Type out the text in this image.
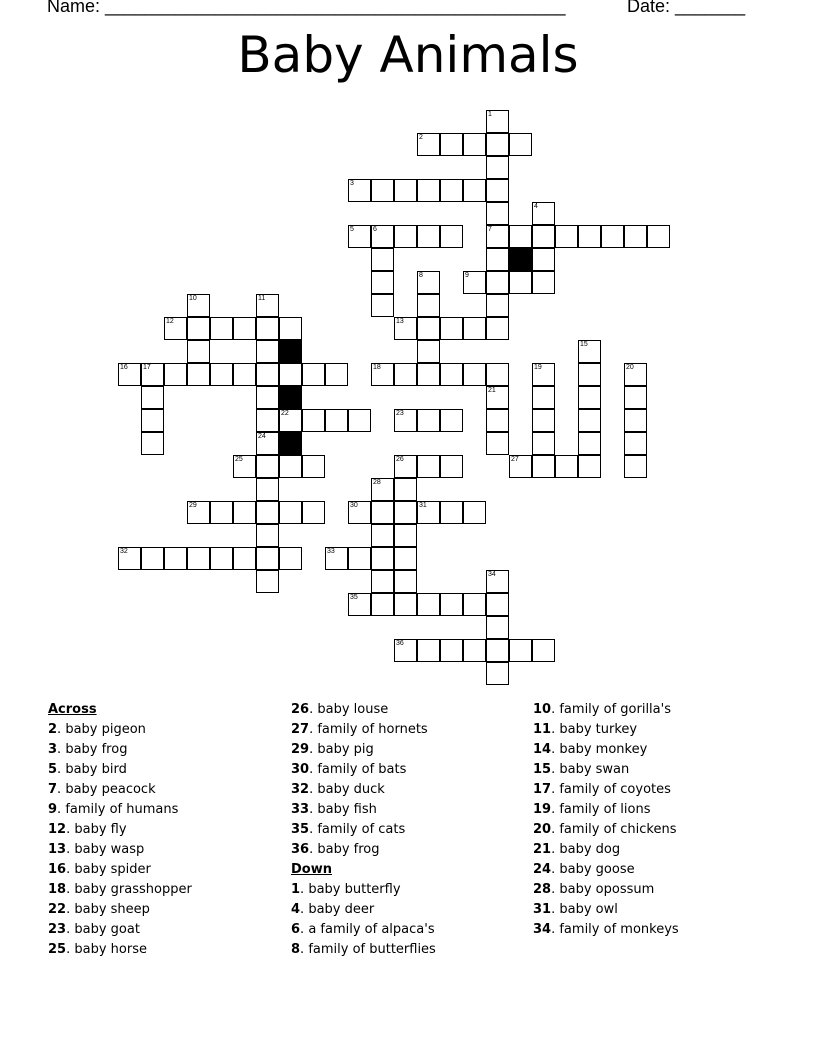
Name: ______________________________________________	Date: _______
Baby Animals
1
7
2
3
4
5	6
8	9
10	11
24
12	13
22
15
16 17	18	19	20
21
23
25	26	27
28
29	30	31
32	33
34
35
36
Across
2. baby pigeon
3. baby frog
5. baby bird
7. baby peacock
9. family of humans
12. baby fly
13. baby wasp
16. baby spider
18. baby grasshopper
22. baby sheep
23. baby goat
25. baby horse
26. baby louse
27. family of hornets
29. baby pig
30. family of bats
32. baby duck
33. baby fish
35. family of cats
36. baby frog
Down
1. baby butterfly
4. baby deer
6. a family of alpaca's
8. family of butterflies
10. family of gorilla's
11. baby turkey
14. baby monkey
15. baby swan
17. family of coyotes
19. family of lions
20. family of chickens
21. baby dog
24. baby goose
28. baby opossum
31. baby owl
34. family of monkeys
